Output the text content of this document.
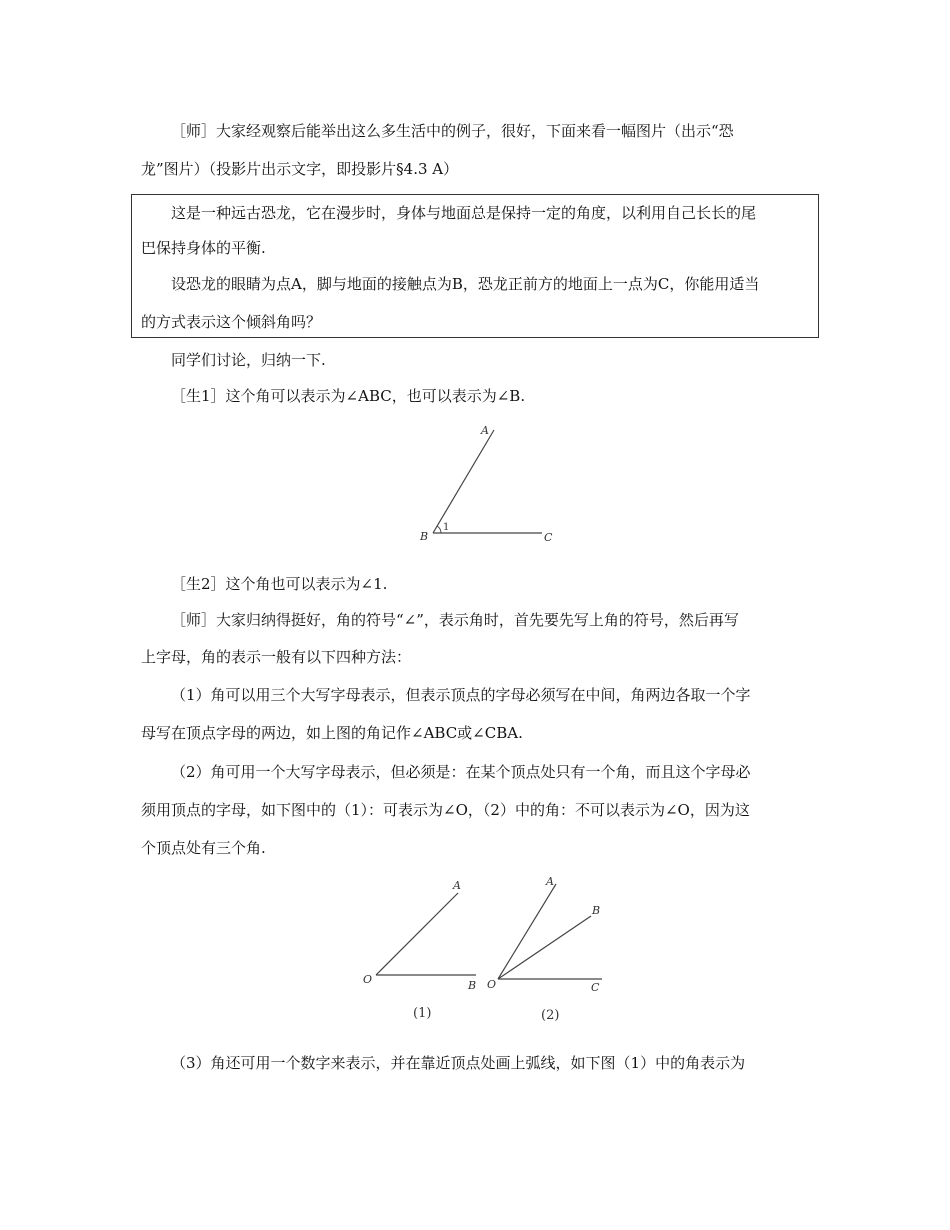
［师］大家经观察后能举出这么多生活中的例子，很好，下面来看一幅图片（出示“恐
龙”图片）（投影片出示文字，即投影片§4.3 A）
这是一种远古恐龙，它在漫步时，身体与地面总是保持一定的角度，以利用自己长长的尾
巴保持身体的平衡.
设恐龙的眼睛为点A，脚与地面的接触点为B，恐龙正前方的地面上一点为C，你能用适当
的方式表示这个倾斜角吗？
同学们讨论，归纳一下.
［生1］这个角可以表示为∠ABC，也可以表示为∠B.
A
B	C
1
［生2］这个角也可以表示为∠1.
［师］大家归纳得挺好，角的符号“∠”，表示角时，首先要先写上角的符号，然后再写
上字母，角的表示一般有以下四种方法：
（1）角可以用三个大写字母表示，但表示顶点的字母必须写在中间，角两边各取一个字
母写在顶点字母的两边，如上图的角记作∠ABC或∠CBA.
（2）角可用一个大写字母表示，但必须是：在某个顶点处只有一个角，而且这个字母必
须用顶点的字母，如下图中的（1）：可表示为∠O，（2）中的角：不可以表示为∠O，因为这
个顶点处有三个角.
A
O	B
(1)
A
B
O	C
(2)
（3）角还可用一个数字来表示，并在靠近顶点处画上弧线，如下图（1）中的角表示为
